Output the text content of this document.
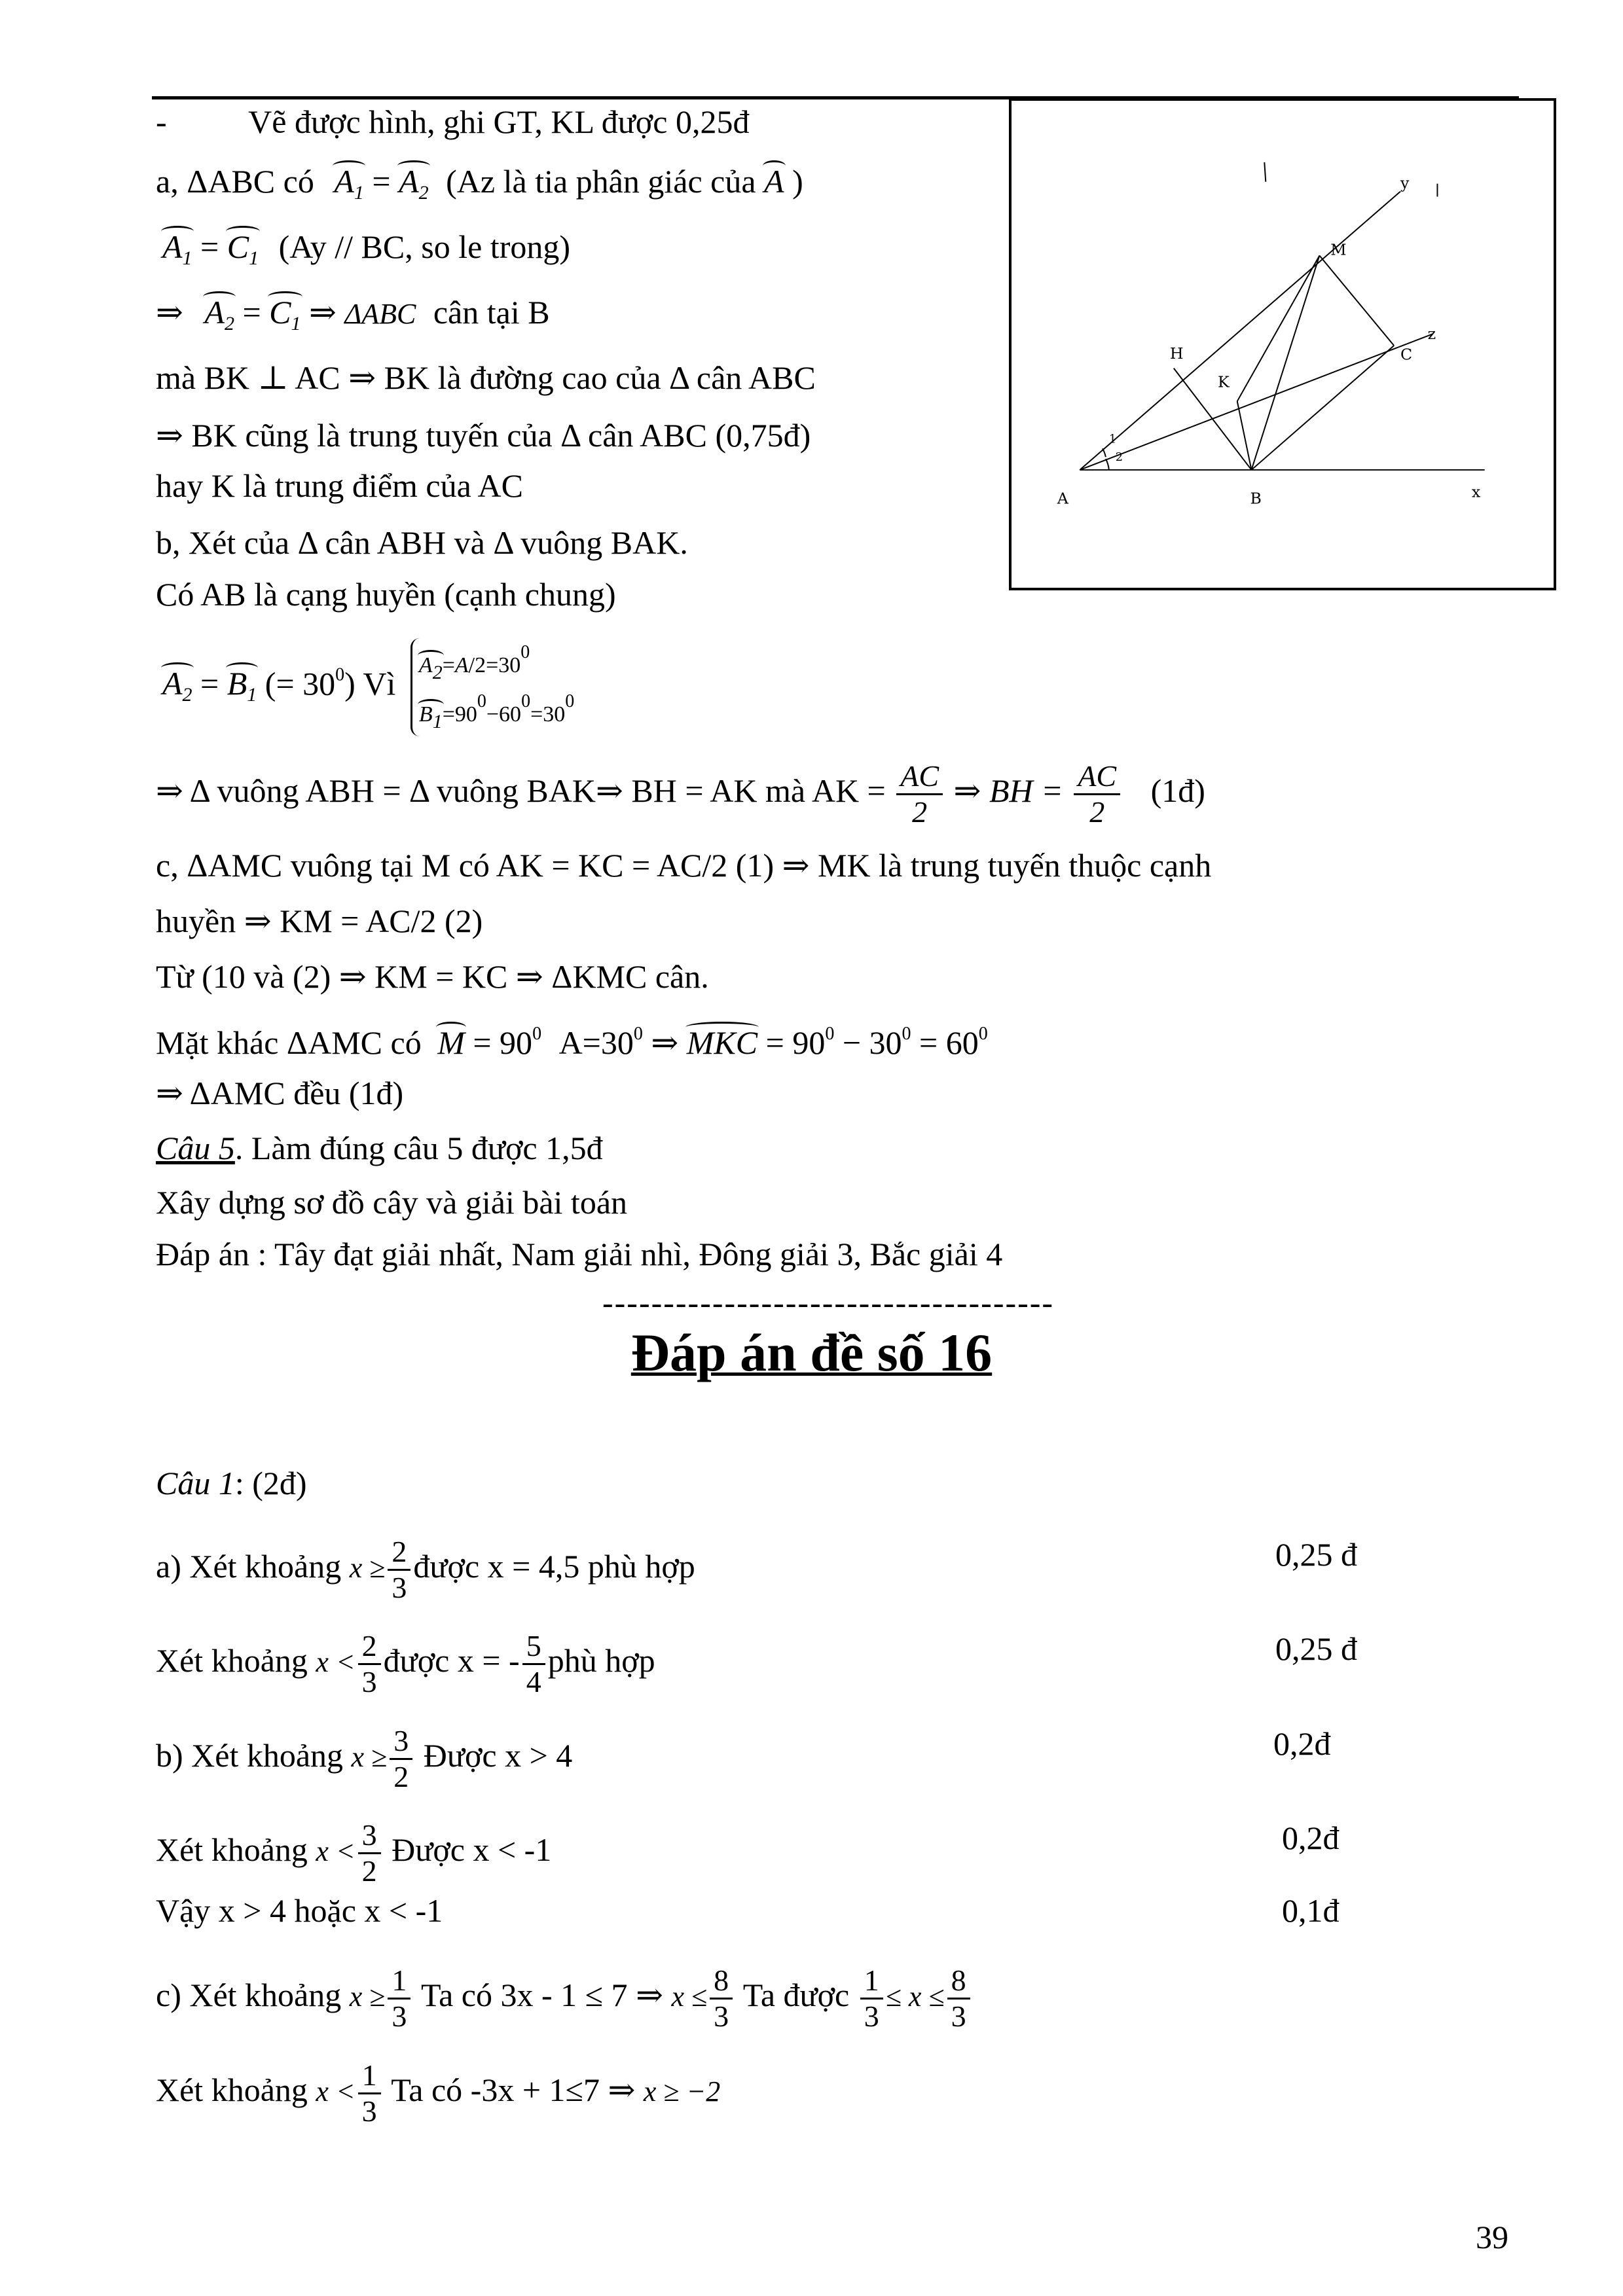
- Vẽ được hình, ghi GT, KL được 0,25đ
a, ΔABC có $A_1 = A_2$ (Az là tia phân giác của A )
$A_1 = C_1$ (Ay // BC, so le trong)
⇒ $A_2 = C_1$ ⇒ ΔABC cân tại B
mà BK ⊥ AC ⇒ BK là đường cao của Δ cân ABC
⇒ BK cũng là trung tuyến của Δ cân ABC (0,75đ)
hay K là trung điểm của AC
b, Xét của Δ cân ABH và Δ vuông BAK.
Có AB là cạng huyền (cạnh chung)
$A_2 = B_1$ (= $30^0$) Vì $A2=A/2=30^0$
$B1=90^0-60^0=30^0$
⇒ Δ vuông ABH = Δ vuông BAK⇒ BH = AK mà AK = $\frac{AC}{2}$ ⇒ BH = $\frac{AC}{2}$ (1đ)
c, ΔAMC vuông tại M có AK = KC = AC/2 (1) ⇒ MK là trung tuyến thuộc cạnh
huyền ⇒ KM = AC/2 (2)
Từ (10 và (2) ⇒ KM = KC ⇒ ΔKMC cân.
Mặt khác ΔAMC có $M = 90^0$ $A=30^0$ ⇒ MKC = $90^0 - 30^0 = 60^0$
⇒ ΔAMC đều (1đ)
Câu 5. Làm đúng câu 5 được 1,5đ
Xây dựng sơ đồ cây và giải bài toán
Đáp án : Tây đạt giải nhất, Nam giải nhì, Đông giải 3, Bắc giải 4
-------------------------------------
Đáp án đề số 16
Câu 1: (2đ)
a) Xét khoảng $x \ge \frac{2}{3}$ được x = 4,5 phù hợp	0,25 đ
Xét khoảng $x < \frac{2}{3}$ được x = - $\frac{5}{4}$ phù hợp	0,25 đ
b) Xét khoảng $x \ge \frac{3}{2}$ Được x > 4	0,2đ
Xét khoảng $x < \frac{3}{2}$ Được x < -1	0,2đ
Vậy x > 4 hoặc x < -1	0,1đ
c) Xét khoảng $x \ge \frac{1}{3}$ Ta có 3x - 1 ≤ 7 ⇒ $x \le \frac{8}{3}$ Ta được $\frac{1}{3} \le x \le \frac{8}{3}$
Xét khoảng $x < \frac{1}{3}$ Ta có -3x + 1≤7 ⇒ x ≥ −2
39
A	B
C
H
K
M
x
y
z
1
2
